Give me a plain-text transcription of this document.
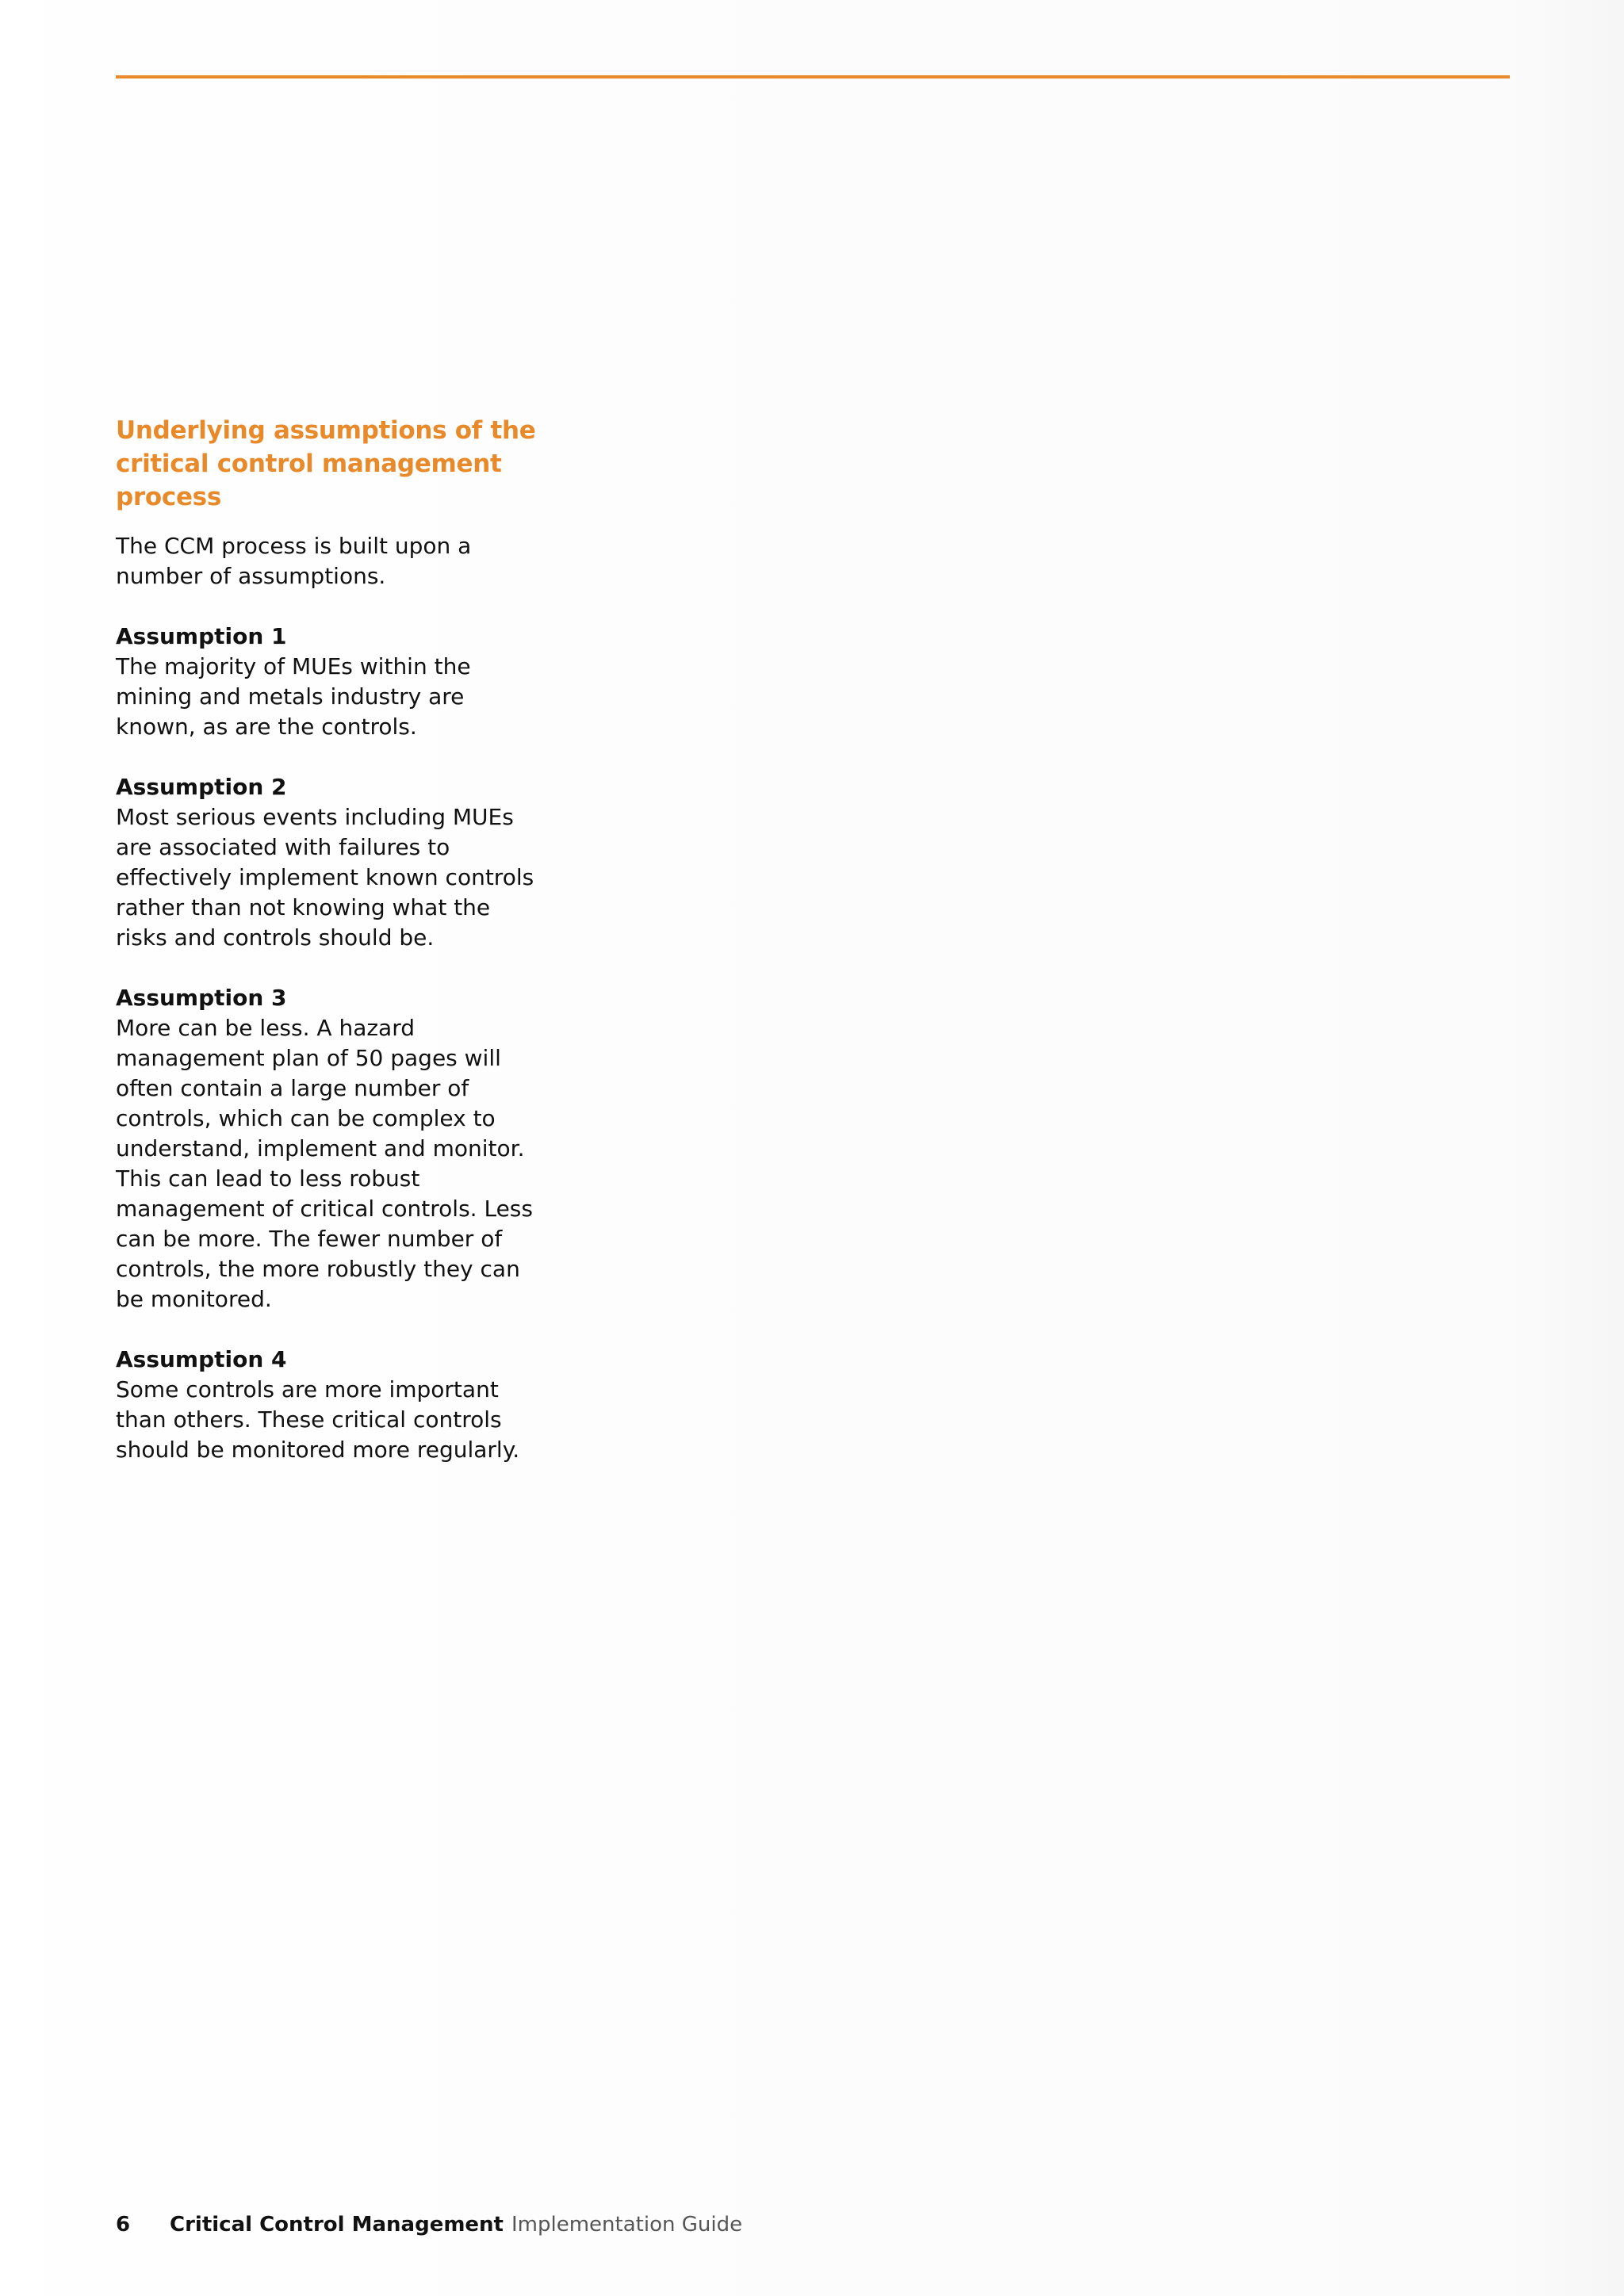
Underlying assumptions of the critical control management process

The CCM process is built upon a number of assumptions.

Assumption 1
The majority of MUEs within the mining and metals industry are known, as are the controls.
Assumption 2
Most serious events including MUEs are associated with failures to effectively implement known controls rather than not knowing what the risks and controls should be.
Assumption 3
More can be less. A hazard management plan of 50 pages will often contain a large number of controls, which can be complex to understand, implement and monitor. This can lead to less robust management of critical controls. Less can be more. The fewer number of controls, the more robustly they can be monitored.
Assumption 4
Some controls are more important than others. These critical controls should be monitored more regularly.
6 Critical Control Management Implementation Guide
